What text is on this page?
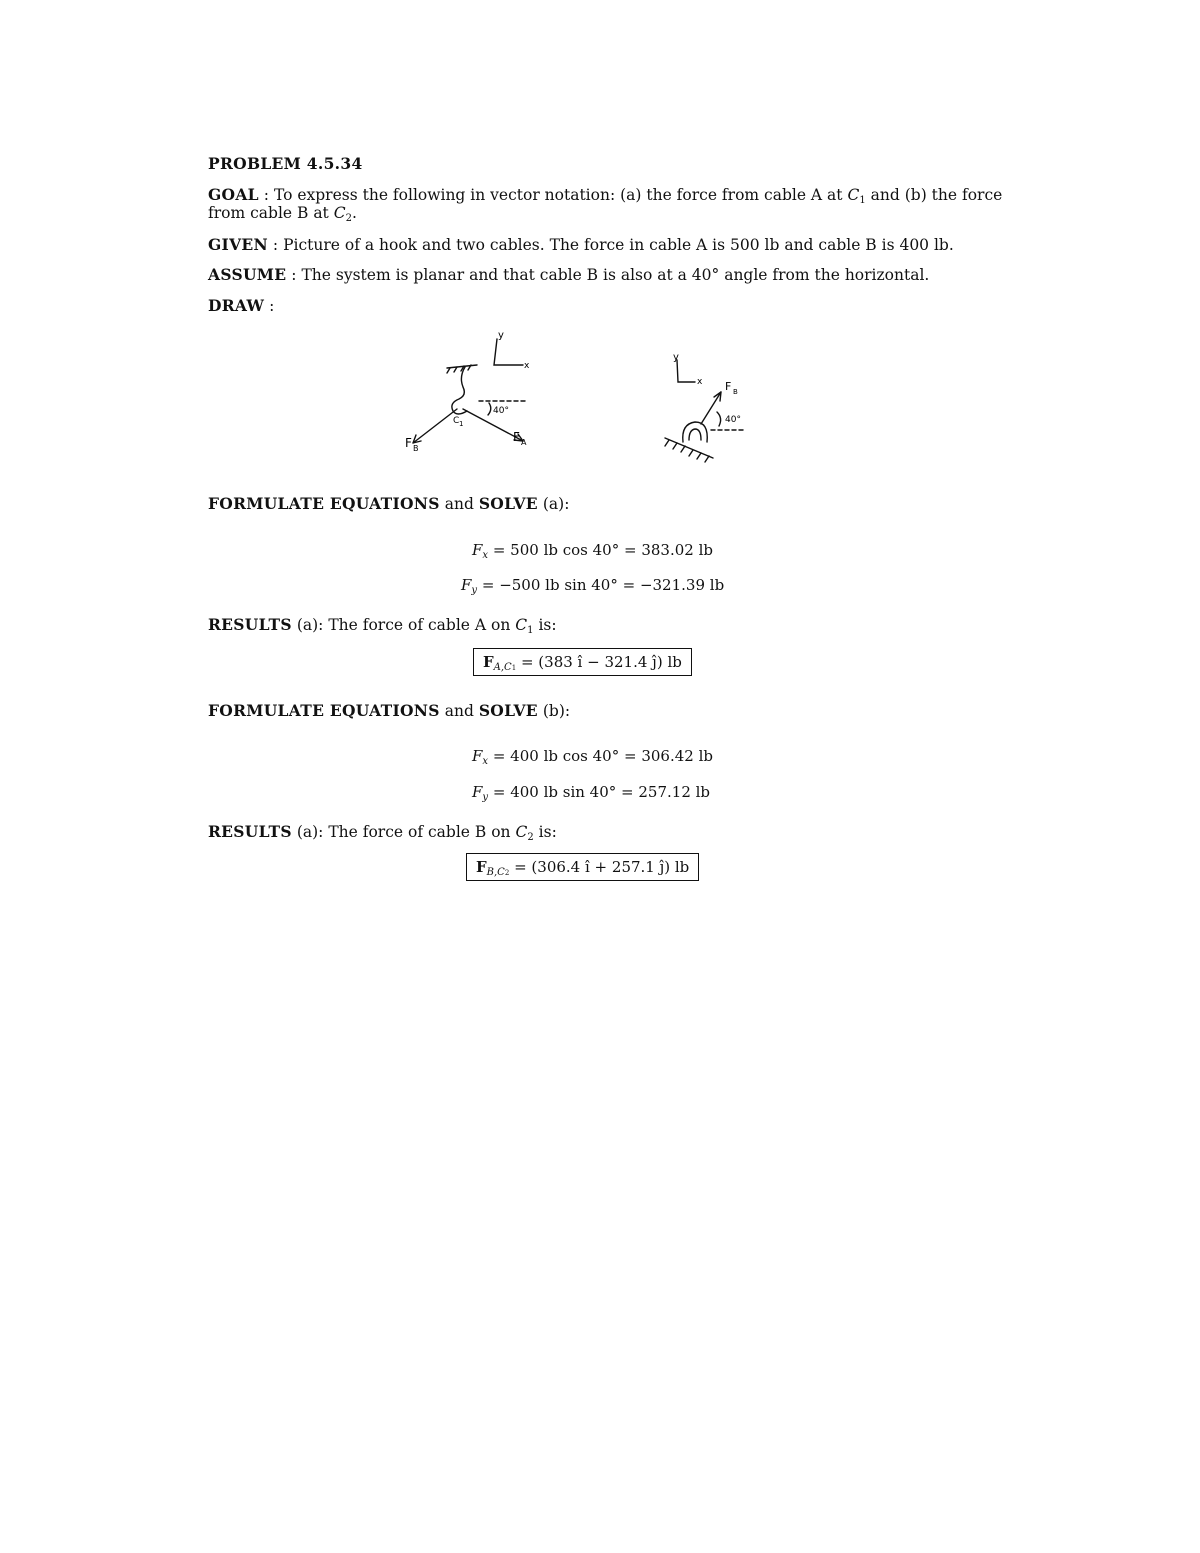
PROBLEM 4.5.34
GOAL : To express the following in vector notation: (a) the force from cable A at $C_1$ and (b) the force
from cable B at $C_2$.
GIVEN : Picture of a hook and two cables. The force in cable A is 500 lb and cable B is 400 lb.
ASSUME : The system is planar and that cable B is also at a 40° angle from the horizontal.
DRAW :
y
x
40°
C 1
F A
F B
y
x F B
40°
FORMULATE EQUATIONS and SOLVE (a):
$F_x = 500$ lb cos 40° = 383.02 lb
$F_y = -500$ lb sin 40° = −321.39 lb
RESULTS (a): The force of cable A on $C_1$ is:
$F_{A,C1} = (383$ î − 321.4 ĵ) lb
FORMULATE EQUATIONS and SOLVE (b):
$F_x = 400$ lb cos 40° = 306.42 lb
$F_y = 400$ lb sin 40° = 257.12 lb
RESULTS (a): The force of cable B on $C_2$ is:
$F_{B,C2} = (306.4$ î + 257.1 ĵ) lb
